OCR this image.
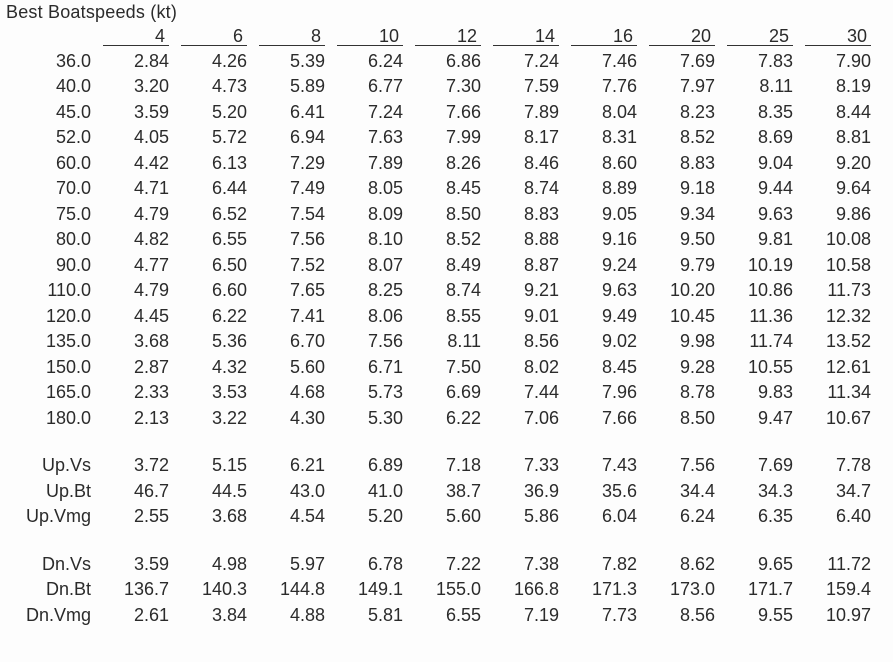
Best Boatspeeds (kt)
	4	6	8	10	12	14	16	20	25	30
36.0	2.84	4.26	5.39	6.24	6.86	7.24	7.46	7.69	7.83	7.90
40.0	3.20	4.73	5.89	6.77	7.30	7.59	7.76	7.97	8.11	8.19
45.0	3.59	5.20	6.41	7.24	7.66	7.89	8.04	8.23	8.35	8.44
52.0	4.05	5.72	6.94	7.63	7.99	8.17	8.31	8.52	8.69	8.81
60.0	4.42	6.13	7.29	7.89	8.26	8.46	8.60	8.83	9.04	9.20
70.0	4.71	6.44	7.49	8.05	8.45	8.74	8.89	9.18	9.44	9.64
75.0	4.79	6.52	7.54	8.09	8.50	8.83	9.05	9.34	9.63	9.86
80.0	4.82	6.55	7.56	8.10	8.52	8.88	9.16	9.50	9.81	10.08
90.0	4.77	6.50	7.52	8.07	8.49	8.87	9.24	9.79	10.19	10.58
110.0	4.79	6.60	7.65	8.25	8.74	9.21	9.63	10.20	10.86	11.73
120.0	4.45	6.22	7.41	8.06	8.55	9.01	9.49	10.45	11.36	12.32
135.0	3.68	5.36	6.70	7.56	8.11	8.56	9.02	9.98	11.74	13.52
150.0	2.87	4.32	5.60	6.71	7.50	8.02	8.45	9.28	10.55	12.61
165.0	2.33	3.53	4.68	5.73	6.69	7.44	7.96	8.78	9.83	11.34
180.0	2.13	3.22	4.30	5.30	6.22	7.06	7.66	8.50	9.47	10.67

Up.Vs	3.72	5.15	6.21	6.89	7.18	7.33	7.43	7.56	7.69	7.78
Up.Bt	46.7	44.5	43.0	41.0	38.7	36.9	35.6	34.4	34.3	34.7
Up.Vmg	2.55	3.68	4.54	5.20	5.60	5.86	6.04	6.24	6.35	6.40

Dn.Vs	3.59	4.98	5.97	6.78	7.22	7.38	7.82	8.62	9.65	11.72
Dn.Bt	136.7	140.3	144.8	149.1	155.0	166.8	171.3	173.0	171.7	159.4
Dn.Vmg	2.61	3.84	4.88	5.81	6.55	7.19	7.73	8.56	9.55	10.97
